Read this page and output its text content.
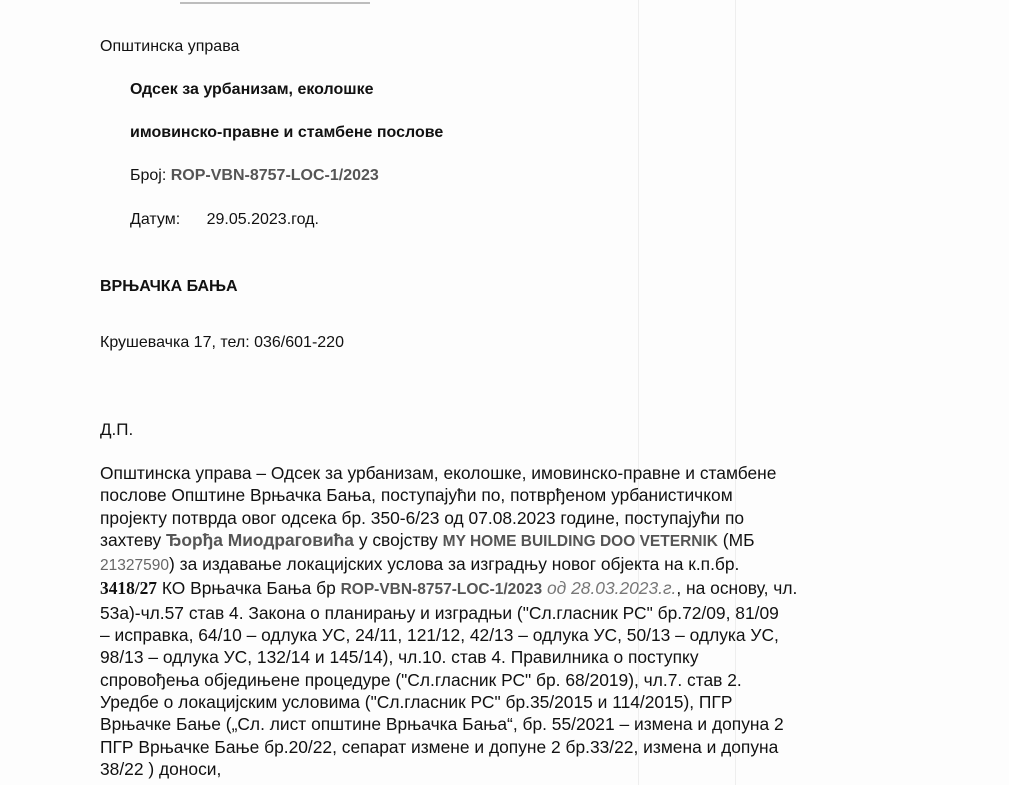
Општинска управа
Одсек за урбанизам, еколошке
имовинско-правне и стамбене послове
Број: ROP-VBN-8757-LOC-1/2023
Датум: 29.05.2023.год.
ВРЊАЧКА БАЊА
Крушевачка 17, тел: 036/601-220
Д.П.
Општинска управа – Одсек за урбанизам, еколошке, имовинско-правне и стамбене
послове Општине Врњачка Бања, поступајући по, потврђеном урбанистичком
пројекту потврда овог одсека бр. 350-6/23 од 07.08.2023 године, поступајући по
захтеву Ђорђа Миодраговића у својству MY HOME BUILDING DOO VETERNIK (МБ
21327590) за издавање локацијских услова за изградњу новог објекта на к.п.бр.
3418/27 КО Врњачка Бања бр ROP-VBN-8757-LOC-1/2023 од 28.03.2023.г., на основу, чл.
53а)-чл.57 став 4. Закона о планирању и изградњи ("Сл.гласник РС" бр.72/09, 81/09
– исправка, 64/10 – одлука УС, 24/11, 121/12, 42/13 – одлука УС, 50/13 – одлука УС,
98/13 – одлука УС, 132/14 и 145/14), чл.10. став 4. Правилника о поступку
спровођења обједињене процедуре ("Сл.гласник РС" бр. 68/2019), чл.7. став 2.
Уредбе о локацијским условима ("Сл.гласник РС" бр.35/2015 и 114/2015), ПГР
Врњачке Бање („Сл. лист општине Врњачка Бања“, бр. 55/2021 – измена и допуна 2
ПГР Врњачке Бање бр.20/22, сепарат измене и допуне 2 бр.33/22, измена и допуна
38/22 ) доноси,
